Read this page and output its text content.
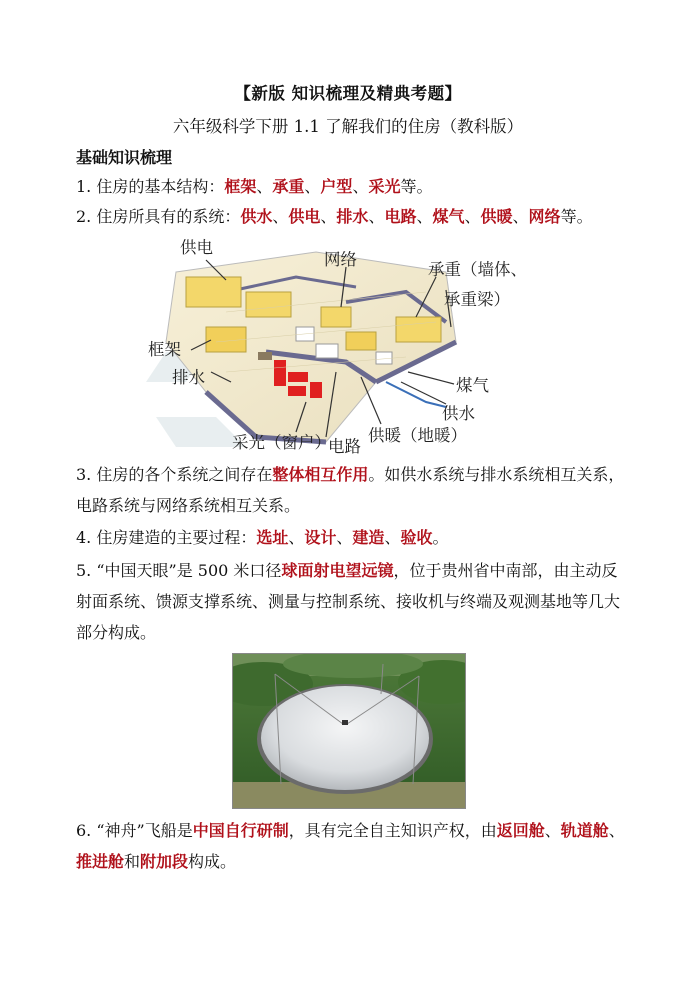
【新版 知识梳理及精典考题】
六年级科学下册 1.1 了解我们的住房（教科版）
基础知识梳理
1. 住房的基本结构：框架、承重、户型、采光等。
2. 住房所具有的系统：供水、供电、排水、电路、煤气、供暖、网络等。
供电
网络
承重（墙体、
承重梁）
框架
排水	煤气
供水
采光（窗户）
电路
供暖（地暖）
3. 住房的各个系统之间存在整体相互作用。如供水系统与排水系统相互关系，
电路系统与网络系统相互关系。
4. 住房建造的主要过程：选址、设计、建造、验收。
5. “中国天眼”是 500 米口径球面射电望远镜，位于贵州省中南部，由主动反
射面系统、馈源支撑系统、测量与控制系统、接收机与终端及观测基地等几大
部分构成。
6. “神舟”飞船是中国自行研制，具有完全自主知识产权，由返回舱、轨道舱、
推进舱和附加段构成。
